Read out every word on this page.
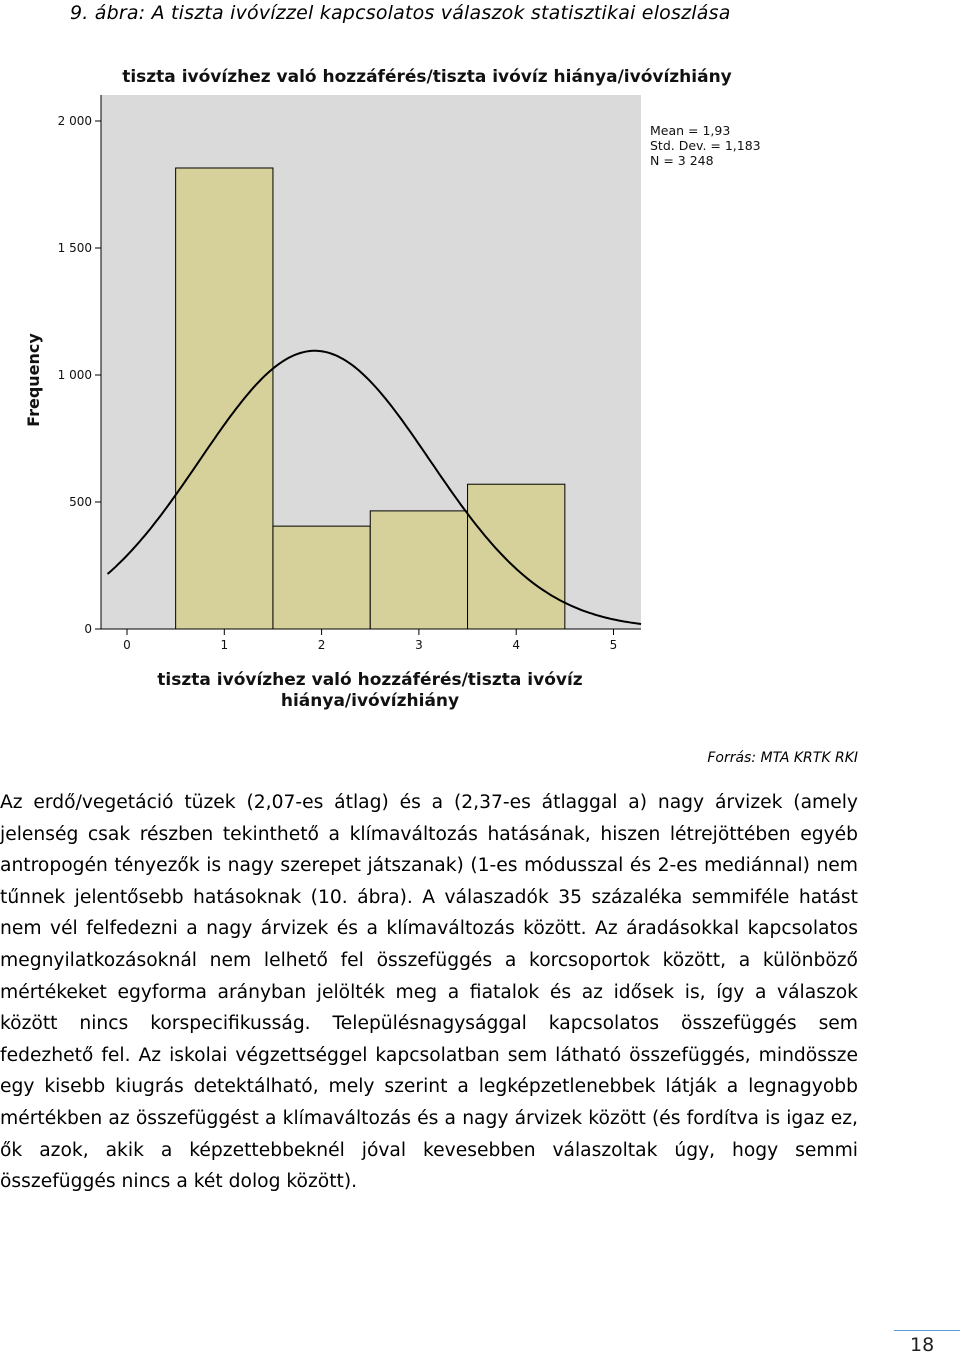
9. ábra: A tiszta ivóvízzel kapcsolatos válaszok statisztikai eloszlása
tiszta ivóvízhez való hozzáférés/tiszta ivóvíz hiánya/ivóvízhiány
0
500
1 000
1 500
2 000
0	1	2	3	4	5
Mean = 1,93
Std. Dev. = 1,183
N = 3 248
Frequency
tiszta ivóvízhez való hozzáférés/tiszta ivóvíz
hiánya/ivóvízhiány
Forrás: MTA KRTK RKI

Az erdő/vegetáció tüzek (2,07-es átlag) és a (2,37-es átlaggal a) nagy árvizek (amely jelenség csak részben tekinthető a klímaváltozás hatásának, hiszen létrejöttében egyéb antropogén tényezők is nagy szerepet játszanak) (1-es módusszal és 2-es mediánnal) nem tűnnek jelentősebb hatásoknak (10. ábra). A válaszadók 35 százaléka semmiféle hatást nem vél felfedezni a nagy árvizek és a klímaváltozás között. Az áradásokkal kapcsolatos megnyilatkozásoknál nem lelhető fel összefüggés a korcsoportok között, a különböző mértékeket egyforma arányban jelölték meg a fiatalok és az idősek is, így a válaszok között nincs korspecifikusság. Településnagysággal kapcsolatos összefüggés sem fedezhető fel. Az iskolai végzettséggel kapcsolatban sem látható összefüggés, mindössze egy kisebb kiugrás detektálható, mely szerint a legképzetlenebbek látják a legnagyobb mértékben az összefüggést a klímaváltozás és a nagy árvizek között (és fordítva is igaz ez, ők azok, akik a képzettebbeknél jóval kevesebben válaszoltak úgy, hogy semmi összefüggés nincs a két dolog között).

18
